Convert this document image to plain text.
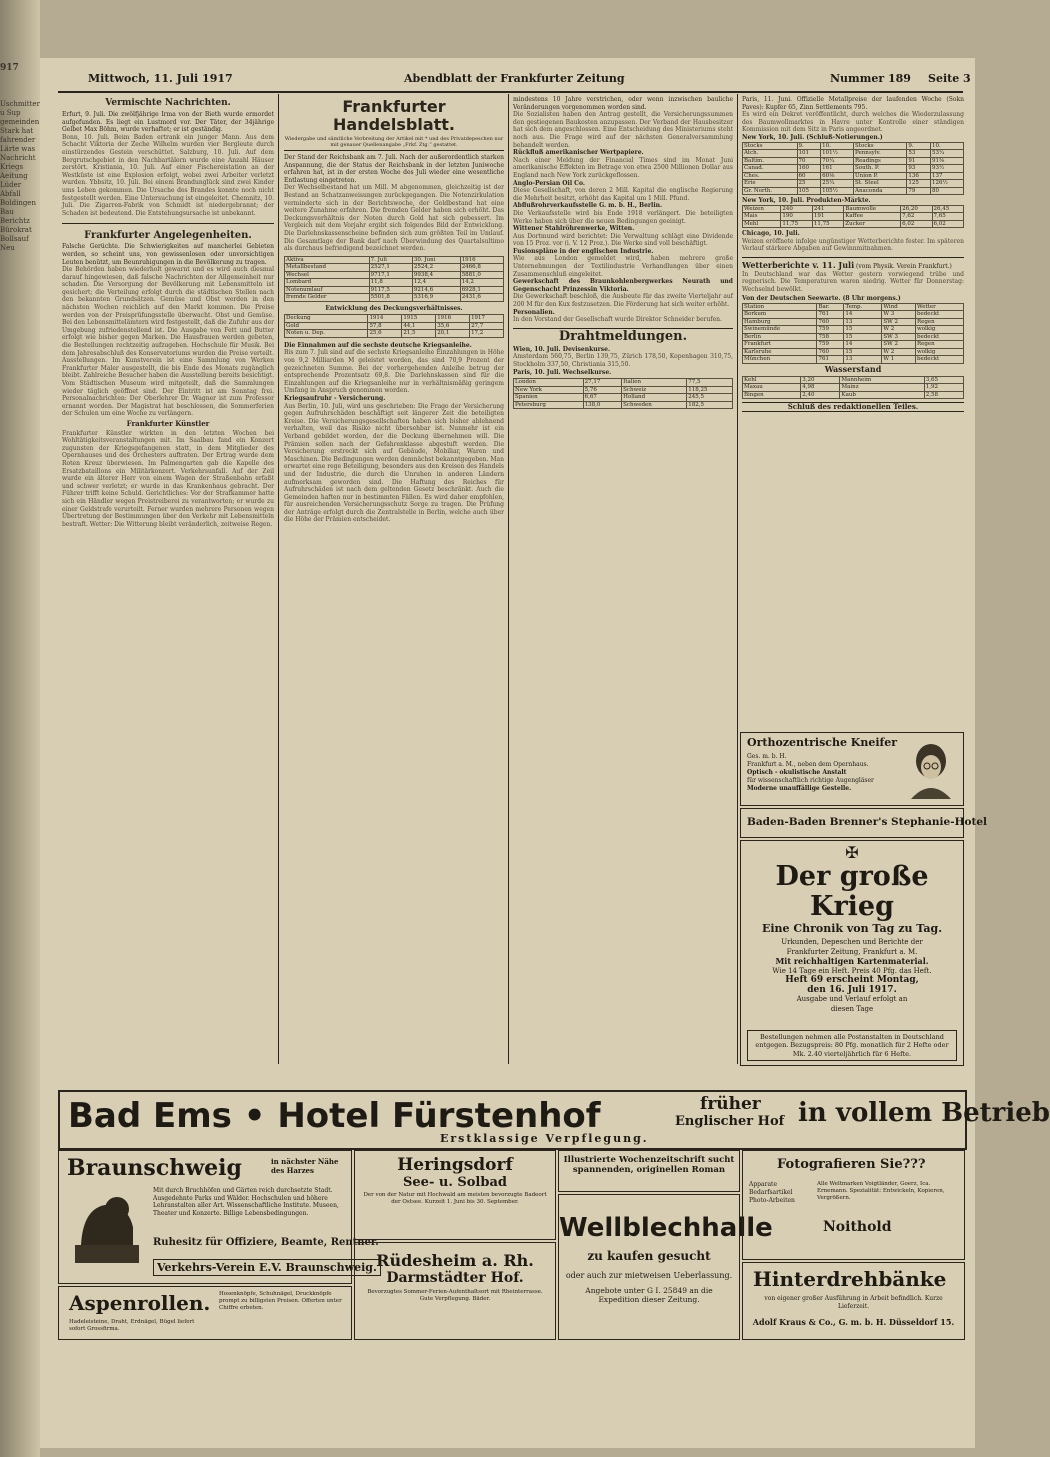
917
Uschmitter
u Sup
gemeinden
Stark hat
fahrender
Lärte was
Nachricht
Kriegs
Aeitung
Lüder
Abfall
Boldingen
Bau
Berichtz
Bürokrat
Bollsauf
Neu
Mittwoch, 11. Juli 1917	Abendblatt der Frankfurter Zeitung	Nummer 189 Seite 3
Vermischte Nachrichten.
Erfurt, 9. Juli. Die zwölfjährige Irma von der Bieth wurde ermordet aufgefunden. Es liegt ein Lustmord vor. Der Täter, der 34jährige Gelbet Max Böhm, wurde verhaftet; er ist geständig.
Bonn, 10. Juli. Beim Baden ertrank ein junger Mann. Aus dem Schacht Viktoria der Zeche Wilhelm wurden vier Bergleute durch einstürzendes Gestein verschüttet. Salzburg, 10. Juli. Auf dem Bergrutschgebiet in den Nachbartälern wurde eine Anzahl Häuser zerstört. Kristiania, 10. Juli. Auf einer Fischereistation an der Westküste ist eine Explosion erfolgt, wobei zwei Arbeiter verletzt wurden. Ybbsitz, 10. Juli. Bei einem Brandunglück sind zwei Kinder ums Leben gekommen. Die Ursache des Brandes konnte noch nicht festgestellt werden. Eine Untersuchung ist eingeleitet. Chemnitz, 10. Juli. Die Zigarren-Fabrik von Schmidt ist niedergebrannt; der Schaden ist bedeutend. Die Entstehungsursache ist unbekannt.
Frankfurter Angelegenheiten.
Falsche Gerüchte. Die Schwierigkeiten auf mancherlei Gebieten werden, so scheint uns, von gewissenlosen oder unvorsichtigen Leuten benützt, um Beunruhigungen in die Bevölkerung zu tragen.
Die Behörden haben wiederholt gewarnt und es wird auch diesmal darauf hingewiesen, daß falsche Nachrichten der Allgemeinheit nur schaden. Die Versorgung der Bevölkerung mit Lebensmitteln ist gesichert; die Verteilung erfolgt durch die städtischen Stellen nach den bekannten Grundsätzen. Gemüse und Obst werden in den nächsten Wochen reichlich auf den Markt kommen. Die Preise werden von der Preisprüfungsstelle überwacht. Obst und Gemüse. Bei den Lebensmittelämtern wird festgestellt, daß die Zufuhr aus der Umgebung zufriedenstellend ist. Die Ausgabe von Fett und Butter erfolgt wie bisher gegen Marken. Die Hausfrauen werden gebeten, die Bestellungen rechtzeitig aufzugeben. Hochschule für Musik. Bei dem Jahresabschluß des Konservatoriums wurden die Preise verteilt. Ausstellungen. Im Kunstverein ist eine Sammlung von Werken Frankfurter Maler ausgestellt, die bis Ende des Monats zugänglich bleibt. Zahlreiche Besucher haben die Ausstellung bereits besichtigt. Vom Städtischen Museum wird mitgeteilt, daß die Sammlungen wieder täglich geöffnet sind. Der Eintritt ist am Sonntag frei. Personalnachrichten: Der Oberlehrer Dr. Wagner ist zum Professor ernannt worden. Der Magistrat hat beschlossen, die Sommerferien der Schulen um eine Woche zu verlängern.
Frankfurter Künstler
Frankfurter Künstler wirkten in den letzten Wochen bei Wohltätigkeitsveranstaltungen mit. Im Saalbau fand ein Konzert zugunsten der Kriegsgefangenen statt, in dem Mitglieder des Opernhauses und des Orchesters auftraten. Der Ertrag wurde dem Roten Kreuz überwiesen. Im Palmengarten gab die Kapelle des Ersatzbataillons ein Militärkonzert. Verkehrsunfall. Auf der Zeil wurde ein älterer Herr von einem Wagen der Straßenbahn erfaßt und schwer verletzt; er wurde in das Krankenhaus gebracht. Der Führer trifft keine Schuld. Gerichtliches: Vor der Strafkammer hatte sich ein Händler wegen Preistreiberei zu verantworten; er wurde zu einer Geldstrafe verurteilt. Ferner wurden mehrere Personen wegen Übertretung der Bestimmungen über den Verkehr mit Lebensmitteln bestraft. Wetter: Die Witterung bleibt veränderlich, zeitweise Regen.
Frankfurter Handelsblatt.
Wiedergabe und sämtliche Verbreitung der Artikel mit * und des Privatdepeschen nur mit genauer Quellenangabe „Frkf. Ztg.“ gestattet.
Der Stand der Reichsbank am 7. Juli. Nach der außerordentlich starken Anspannung, die der Status der Reichsbank in der letzten Juniwoche erfahren hat, ist in der ersten Woche des Juli wieder eine wesentliche Entlastung eingetreten.
Der Wechselbestand hat um Mill. M abgenommen, gleichzeitig ist der Bestand an Schatzanweisungen zurückgegangen. Die Notenzirkulation verminderte sich in der Berichtswoche, der Goldbestand hat eine weitere Zunahme erfahren. Die fremden Gelder haben sich erhöht. Das Deckungsverhältnis der Noten durch Gold hat sich gebessert. Im Vergleich mit dem Vorjahr ergibt sich folgendes Bild der Entwicklung. Die Darlehnskassenscheine befinden sich zum größten Teil im Umlauf. Die Gesamtlage der Bank darf nach Überwindung des Quartalsultimo als durchaus befriedigend bezeichnet werden.
Aktiva	7. Juli	30. Juni	1916
Metallbestand	2527,1	2524,2	2466,8
Wechsel	9717,1	9938,4	5881,0
Lombard	11,8	12,4	14,2
Notenumlauf	9117,5	9214,6	6928,1
fremde Gelder	5501,8	5316,9	2431,6
Entwicklung des Deckungsverhältnisses.
Deckung	1914	1915	1916	1917
Gold	57,8	44,1	35,6	27,7
Noten u. Dep.	25,6	21,5	20,1	17,2
Die Einnahmen auf die sechste deutsche Kriegsanleihe.
Bis zum 7. Juli sind auf die sechste Kriegsanleihe Einzahlungen in Höhe von 9,2 Milliarden M geleistet worden, das sind 70,9 Prozent der gezeichneten Summe. Bei der vorhergehenden Anleihe betrug der entsprechende Prozentsatz 69,8. Die Darlehnskassen sind für die Einzahlungen auf die Kriegsanleihe nur in verhältnismäßig geringem Umfang in Anspruch genommen worden.
Kriegsaufruhr - Versicherung.
Aus Berlin, 10. Juli, wird uns geschrieben: Die Frage der Versicherung gegen Aufruhrschäden beschäftigt seit längerer Zeit die beteiligten Kreise. Die Versicherungsgesellschaften haben sich bisher ablehnend verhalten, weil das Risiko nicht übersehbar ist. Nunmehr ist ein Verband gebildet worden, der die Deckung übernehmen will. Die Prämien sollen nach der Gefahrenklasse abgestuft werden. Die Versicherung erstreckt sich auf Gebäude, Mobiliar, Waren und Maschinen. Die Bedingungen werden demnächst bekanntgegeben. Man erwartet eine rege Beteiligung, besonders aus den Kreisen des Handels und der Industrie, die durch die Unruhen in anderen Ländern aufmerksam geworden sind. Die Haftung des Reiches für Aufruhrschäden ist nach dem geltenden Gesetz beschränkt. Auch die Gemeinden haften nur in bestimmten Fällen. Es wird daher empfohlen, für ausreichenden Versicherungsschutz Sorge zu tragen. Die Prüfung der Anträge erfolgt durch die Zentralstelle in Berlin, welche auch über die Höhe der Prämien entscheidet.
mindestens 10 Jahre verstrichen, oder wenn inzwischen bauliche Veränderungen vorgenommen worden sind.
Die Sozialisten haben den Antrag gestellt, die Versicherungssummen den gestiegenen Baukosten anzupassen. Der Verband der Hausbesitzer hat sich dem angeschlossen. Eine Entscheidung des Ministeriums steht noch aus. Die Frage wird auf der nächsten Generalversammlung behandelt werden.
Rückfluß amerikanischer Wertpapiere.
Nach einer Meldung der Financial Times sind im Monat Juni amerikanische Effekten im Betrage von etwa 2500 Millionen Dollar aus England nach New York zurückgeflossen.
Anglo-Persian Oil Co.
Diese Gesellschaft, von deren 2 Mill. Kapital die englische Regierung die Mehrheit besitzt, erhöht das Kapital um 1 Mill. Pfund.
Abflußrohrverkaufsstelle G. m. b. H., Berlin.
Die Verkaufsstelle wird bis Ende 1918 verlängert. Die beteiligten Werke haben sich über die neuen Bedingungen geeinigt.
Wittener Stahlröhrenwerke, Witten.
Aus Dortmund wird berichtet: Die Verwaltung schlägt eine Dividende von 15 Proz. vor (i. V. 12 Proz.). Die Werke sind voll beschäftigt.
Fusionspläne in der englischen Industrie.
Wie aus London gemeldet wird, haben mehrere große Unternehmungen der Textilindustrie Verhandlungen über einen Zusammenschluß eingeleitet.
Gewerkschaft des Braunkohlenbergwerkes Neurath und Gegenschacht Prinzessin Viktoria.
Die Gewerkschaft beschloß, die Ausbeute für das zweite Vierteljahr auf 200 M für den Kux festzusetzen. Die Förderung hat sich weiter erhöht.
Personalien.
In den Vorstand der Gesellschaft wurde Direktor Schneider berufen.
Drahtmeldungen.
Wien, 10. Juli. Devisenkurse.
Amsterdam 560,75, Berlin 139,75, Zürich 178,50, Kopenhagen 310,75, Stockholm 337,50, Christiania 315,50.
Paris, 10. Juli. Wechselkurse.
London	27,17	Italien	77,5
New York	5,76	Schweiz	118,25
Spanien	6,67	Holland	245,5
Petersburg	138,0	Schweden	182,5
Paris, 11. Juni. Offizielle Metallpreise der laufenden Woche (Sokn Paves): Kupfer 65, Zinn Settlements 795.
Es wird ein Dekret veröffentlicht, durch welches die Wiederzulassung des Baumwollmarktes in Havre unter Kontrolle einer ständigen Kommission mit dem Sitz in Paris angeordnet.
New York, 10. Juli. (Schluß-Notierungen.)
Stocks	9.	10.	Stocks	9.	10.
Atch.	101	101½	Pennsylv.	53	53¼
Baltim.	70	70¼	Readings	91	91⅜
Canad.	160	161	South. P.	93	93½
Ches.	60	60⅛	Union P.	136	137
Erie	25	25¼	St. Steel	125	126½
Gr. North.	105	105½	Anaconda	79	80
New York, 10. Juli. Produkten-Märkte.
Weizen	240	241	Baumwolle	26,20	26,45
Mais	190	191	Kaffee	7,62	7,65
Mehl	11,75	11,75	Zucker	6,02	6,02
Chicago, 10. Juli.
Weizen eröffnete infolge ungünstiger Wetterberichte fester. Im späteren Verlauf stärkere Abgaben auf Gewinnmitnahmen.
Wetterberichte v. 11. Juli (vom Physik. Verein Frankfurt.)
In Deutschland war das Wetter gestern vorwiegend trübe und regnerisch. Die Temperaturen waren niedrig. Wetter für Donnerstag: Wechselnd bewölkt.
Von der Deutschen Seewarte. (8 Uhr morgens.)
Station	Bar.	Temp.	Wind	Wetter
Borkum	761	14	W 3	bedeckt
Hamburg	760	13	SW 2	Regen
Swinemünde	759	15	W 2	wolkig
Berlin	758	15	SW 3	bedeckt
Frankfurt	759	14	SW 2	Regen
Karlsruhe	760	15	W 2	wolkig
München	761	13	W 1	bedeckt
Wasserstand
Kehl	3,20	Mannheim	3,65
Maxau	4,98	Mainz	1,92
Bingen	2,40	Kaub	2,58
Schluß des redaktionellen Teiles.
Orthozentrische Kneifer
Ges. m. b. H.
Frankfurt a. M., neben dem Opernhaus.
Optisch - okulistische Anstalt
für wissenschaftlich richtige Augengläser
Moderne unauffällige Gestelle.
Baden-Baden Brenner's Stephanie-Hotel
✠
Der große Krieg
Eine Chronik von Tag zu Tag.
Urkunden, Depeschen und Berichte der
Frankfurter Zeitung, Frankfurt a. M.
Mit reichhaltigen Kartenmaterial.
Wie 14 Tage ein Heft. Preis 40 Pfg. das Heft.
Heft 69 erscheint Montag,
den 16. Juli 1917.
Ausgabe und Verlauf erfolgt an
diesen Tage
Bestellungen nehmen alle Postanstalten in Deutschland entgegen. Bezugspreis: 80 Pfg. monatlich für 2 Hefte oder Mk. 2.40 vierteljährlich für 6 Hefte.
Bad Ems • Hotel Fürstenhof	früher
Englischer Hof in vollem Betrieb
Erstklassige Verpflegung.
Braunschweig	in nächster Nähe des Harzes
Mit durch Bruchhöfen und Gärten reich durchsetzte Stadt. Ausgedehnte Parks und Wälder. Hochschulen und höhere Lehranstalten aller Art. Wissenschaftliche Institute. Museen, Theater und Konzerte. Billige Lebensbedingungen.
Ruhesitz für Offiziere, Beamte, Rentner.
Verkehrs-Verein E.V. Braunschweig.
Aspenrollen.
Hadeleisteine, Draht, Erdnägel, Bügel liefert sofort Grossfirma.
Hosenknöpfe, Schuhnägel, Druckknöpfe prompt zu billigsten Preisen. Offerten unter Chiffre erbeten.
Heringsdorf
See- u. Solbad
Der von der Natur mit Hochwald am meisten bevorzugte Badeort der Ostsee. Kurzeit 1. Juni bis 30. September.
Rüdesheim a. Rh.
Darmstädter Hof.
Bevorzugtes Sommer-Ferien-Aufenthaltsort mit Rheinterrasse. Gute Verpflegung. Bäder.
Illustrierte Wochenzeitschrift sucht spannenden, originellen Roman
Wellblechhalle
zu kaufen gesucht
oder auch zur mietweisen Ueberlassung.
Angebote unter G I. 25849 an die Expedition dieser Zeitung.
Fotografieren Sie???
Apparate Bedarfsartikel Photo-Arbeiten
Alle Weltmarken Voigtländer, Goerz, Ica. Ernemann. Spezialität: Entwickeln, Kopieren, Vergrößern.
Noithold
Hinterdrehbänke
von eigener großer Ausführung in Arbeit befindlich. Kurze Lieferzeit.
Adolf Kraus & Co., G. m. b. H. Düsseldorf 15.
